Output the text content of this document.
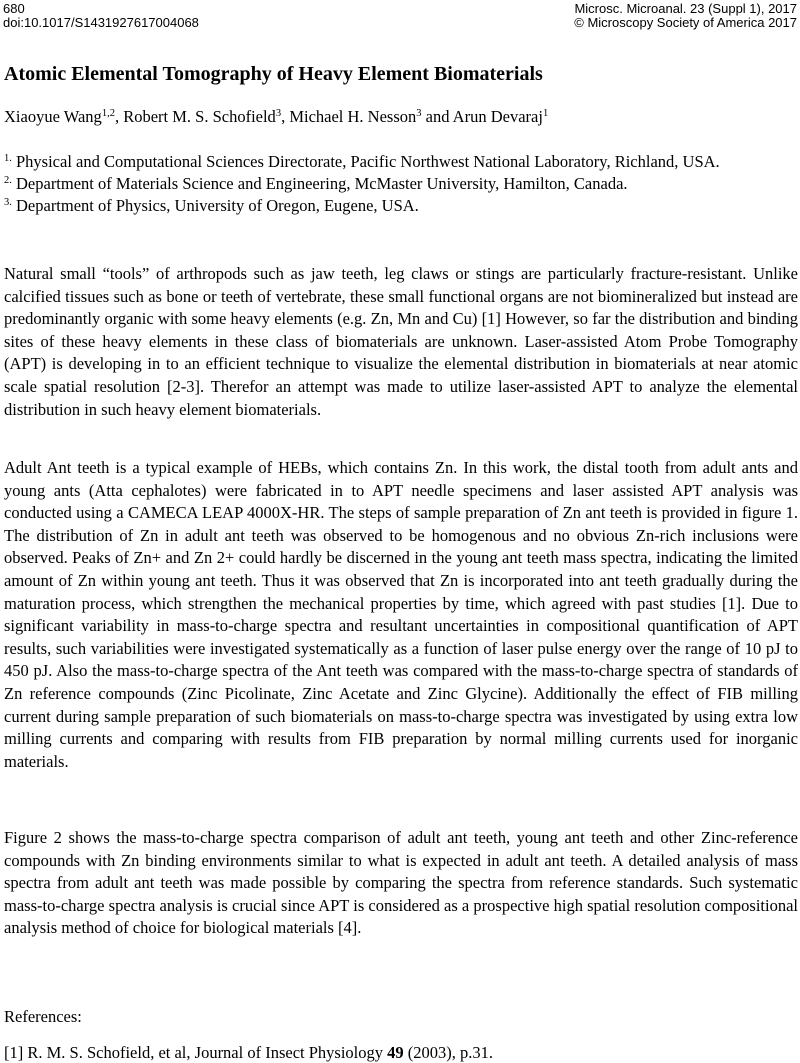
680
doi:10.1017/S1431927617004068
Microsc. Microanal. 23 (Suppl 1), 2017
© Microscopy Society of America 2017
Atomic Elemental Tomography of Heavy Element Biomaterials
Xiaoyue Wang$^{1,2}$, Robert M. S. Schofield$^3$, Michael H. Nesson$^3$ and Arun Devaraj$^1$

$^{1.}$ Physical and Computational Sciences Directorate, Pacific Northwest National Laboratory, Richland, USA.

$^{2.}$ Department of Materials Science and Engineering, McMaster University, Hamilton, Canada.

$^{3.}$ Department of Physics, University of Oregon, Eugene, USA.

Natural small “tools” of arthropods such as jaw teeth, leg claws or stings are particularly fracture-resistant. Unlike calcified tissues such as bone or teeth of vertebrate, these small functional organs are not biomineralized but instead are predominantly organic with some heavy elements (e.g. Zn, Mn and Cu) [1] However, so far the distribution and binding sites of these heavy elements in these class of biomaterials are unknown. Laser-assisted Atom Probe Tomography (APT) is developing in to an efficient technique to visualize the elemental distribution in biomaterials at near atomic scale spatial resolution [2-3]. Therefor an attempt was made to utilize laser-assisted APT to analyze the elemental distribution in such heavy element biomaterials.

Adult Ant teeth is a typical example of HEBs, which contains Zn. In this work, the distal tooth from adult ants and young ants (Atta cephalotes) were fabricated in to APT needle specimens and laser assisted APT analysis was conducted using a CAMECA LEAP 4000X-HR. The steps of sample preparation of Zn ant teeth is provided in figure 1. The distribution of Zn in adult ant teeth was observed to be homogenous and no obvious Zn-rich inclusions were observed. Peaks of Zn+ and Zn 2+ could hardly be discerned in the young ant teeth mass spectra, indicating the limited amount of Zn within young ant teeth. Thus it was observed that Zn is incorporated into ant teeth gradually during the maturation process, which strengthen the mechanical properties by time, which agreed with past studies [1]. Due to significant variability in mass-to-charge spectra and resultant uncertainties in compositional quantification of APT results, such variabilities were investigated systematically as a function of laser pulse energy over the range of 10 pJ to 450 pJ. Also the mass-to-charge spectra of the Ant teeth was compared with the mass-to-charge spectra of standards of Zn reference compounds (Zinc Picolinate, Zinc Acetate and Zinc Glycine). Additionally the effect of FIB milling current during sample preparation of such biomaterials on mass-to-charge spectra was investigated by using extra low milling currents and comparing with results from FIB preparation by normal milling currents used for inorganic materials.

Figure 2 shows the mass-to-charge spectra comparison of adult ant teeth, young ant teeth and other Zinc-reference compounds with Zn binding environments similar to what is expected in adult ant teeth. A detailed analysis of mass spectra from adult ant teeth was made possible by comparing the spectra from reference standards. Such systematic mass-to-charge spectra analysis is crucial since APT is considered as a prospective high spatial resolution compositional analysis method of choice for biological materials [4].

References:
[1] R. M. S. Schofield, et al, Journal of Insect Physiology 49 (2003), p.31.
